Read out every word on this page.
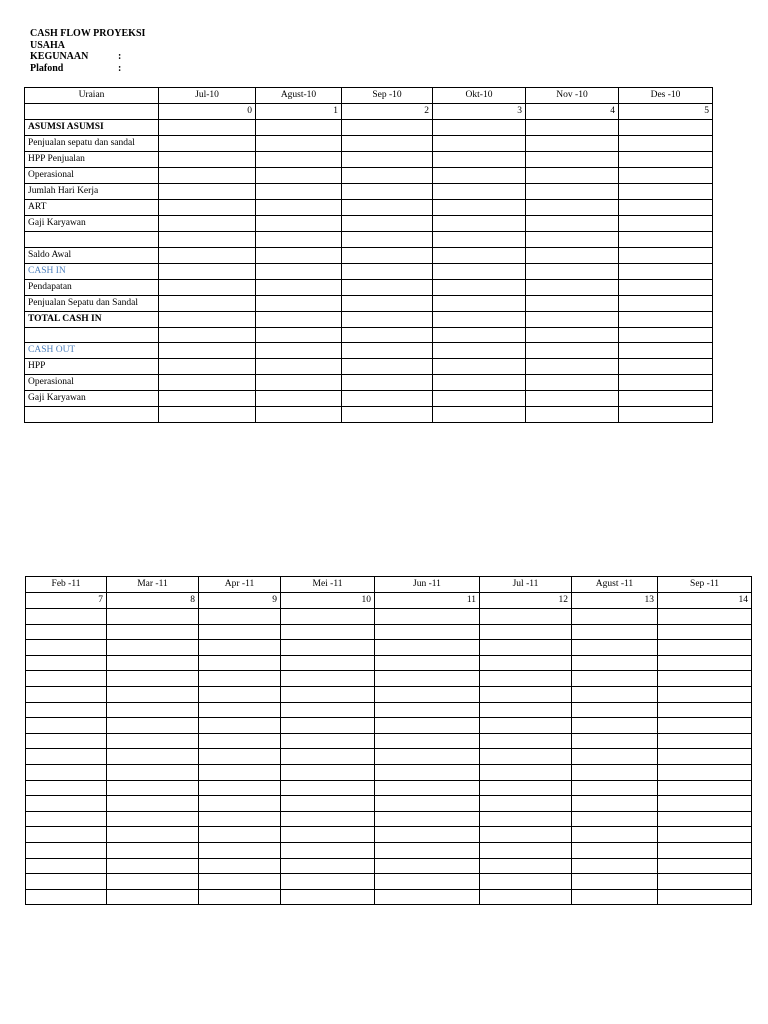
CASH FLOW PROYEKSI
USAHA
KEGUNAAN	:
Plafond	:
Uraian	Jul-10	Agust-10	Sep -10	Okt-10	Nov -10	Des -10
	0	1	2	3	4	5
ASUMSI ASUMSI						
Penjualan sepatu dan sandal						
HPP Penjualan						
Operasional						
Jumlah Hari Kerja						
ART						
Gaji Karyawan						

Saldo Awal						
CASH IN						
Pendapatan						
Penjualan Sepatu dan Sandal						
TOTAL CASH IN						

CASH OUT						
HPP						
Operasional						
Gaji Karyawan						

Feb -11	Mar -11	Apr -11	Mei -11	Jun -11	Jul -11	Agust -11	Sep -11
7	8	9	10	11	12	13	14
